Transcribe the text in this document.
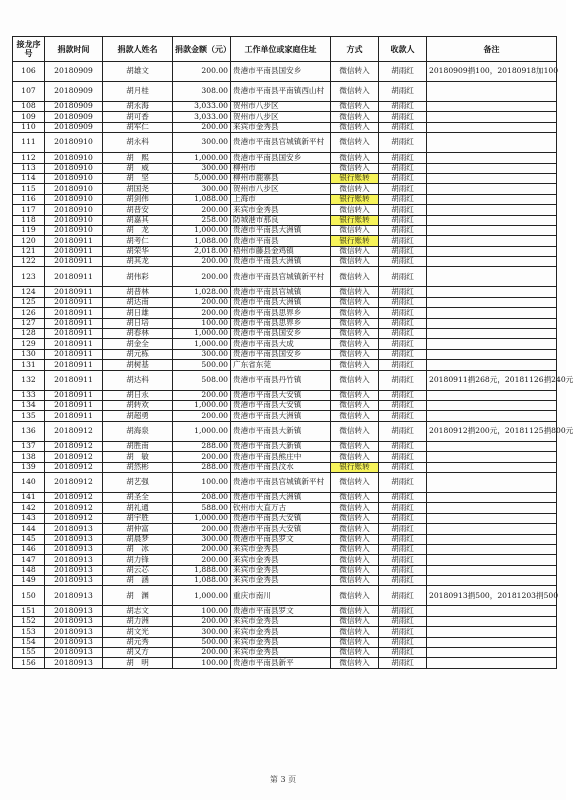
接龙序号	捐款时间	捐款人姓名	捐款金额（元）	工作单位或家庭住址	方式	收款人	备注
106	20180909	胡雄文	200.00	贵港市平南县国安乡	微信转入	胡雨红	20180909捐100，20180918加100
107	20180909	胡月桂	308.00	贵港市平南县平南镇西山村	微信转入	胡雨红	
108	20180909	胡永海	3,033.00	贺州市八步区	微信转入	胡雨红	
109	20180909	胡可香	3,033.00	贺州市八步区	微信转入	胡雨红	
110	20180909	胡军仁	200.00	来宾市金秀县	微信转入	胡雨红	
111	20180910	胡永科	300.00	贵港市平南县官城镇新平村	微信转入	胡雨红	
112	20180910	胡　熙	1,000.00	贵港市平南县国安乡	微信转入	胡雨红	
113	20180910	胡　威	300.00	柳州市	微信转入	胡雨红	
114	20180910	胡　坚	5,000.00	柳州市鹿寨县	银行账转	胡雨红	
115	20180910	胡国尧	300.00	贺州市八步区	微信转入	胡雨红	
116	20180910	胡剑伟	1,088.00	上海市	银行账转	胡雨红	
117	20180910	胡普安	200.00	来宾市金秀县	微信转入	胡雨红	
118	20180910	胡嘉其	258.00	防城港市那良	银行账转	胡雨红	
119	20180910	胡　龙	1,000.00	贵港市平南县大洲镇	微信转入	胡雨红	
120	20180911	胡考仁	1,088.00	贵港市平南县	银行账转	胡雨红	
121	20180911	胡荣华	2,018.00	梧州市藤县金鸡镇	微信转入	胡雨红	
122	20180911	胡其龙	200.00	贵港市平南县大洲镇	微信转入	胡雨红	
123	20180911	胡伟彩	200.00	贵港市平南县官城镇新平村	微信转入	胡雨红	
124	20180911	胡普林	1,028.00	贵港市平南县官城镇	微信转入	胡雨红	
125	20180911	胡达南	200.00	贵港市平南县大洲镇	微信转入	胡雨红	
126	20180911	胡日雄	200.00	贵港市平南县思界乡	微信转入	胡雨红	
127	20180911	胡日培	100.00	贵港市平南县思界乡	微信转入	胡雨红	
128	20180911	胡春林	1,000.00	贵港市平南县国安乡	微信转入	胡雨红	
129	20180911	胡金全	1,000.00	贵港市平南县大成	微信转入	胡雨红	
130	20180911	胡元栋	300.00	贵港市平南县国安乡	微信转入	胡雨红	
131	20180911	胡树基	500.00	广东省东莞	微信转入	胡雨红	
132	20180911	胡达科	508.00	贵港市平南县丹竹镇	微信转入	胡雨红	20180911捐268元，20181126捐240元
133	20180911	胡日永	200.00	贵港市平南县大安镇	微信转入	胡雨红	
134	20180911	胡转欢	1,000.00	贵港市平南县大安镇	微信转入	胡雨红	
135	20180911	胡超勇	200.00	贵港市平南县大洲镇	微信转入	胡雨红	
136	20180912	胡海泉	1,000.00	贵港市平南县大新镇	微信转入	胡雨红	20180912捐200元，20181125捐800元
137	20180912	胡胜南	288.00	贵港市平南县大新镇	微信转入	胡雨红	
138	20180912	胡　敏	200.00	贵港市平南县熊庄中	微信转入	胡雨红	
139	20180912	胡然彬	288.00	贵港市平南县汶水	银行账转	胡雨红	
140	20180912	胡艺强	100.00	贵港市平南县官城镇新平村	微信转入	胡雨红	
141	20180912	胡圣全	208.00	贵港市平南县大洲镇	微信转入	胡雨红	
142	20180912	胡礼通	588.00	钦州市大直万古	微信转入	胡雨红	
143	20180912	胡宇胜	1,000.00	贵港市平南县大安镇	微信转入	胡雨红	
144	20180913	胡仲富	200.00	贵港市平南县大安镇	微信转入	胡雨红	
145	20180913	胡晨梦	300.00	贵港市平南县罗文	微信转入	胡雨红	
146	20180913	胡　冰	200.00	来宾市金秀县	微信转入	胡雨红	
147	20180913	胡力锋	200.00	来宾市金秀县	微信转入	胡雨红	
148	20180913	胡云芯	1,888.00	来宾市金秀县	微信转入	胡雨红	
149	20180913	胡　涵	1,088.00	来宾市金秀县	微信转入	胡雨红	
150	20180913	胡　渊	1,000.00	重庆市南川	微信转入	胡雨红	20180913捐500，20181203捐500
151	20180913	胡志文	100.00	贵港市平南县罗文	微信转入	胡雨红	
152	20180913	胡力洲	200.00	来宾市金秀县	微信转入	胡雨红	
153	20180913	胡文光	300.00	来宾市金秀县	微信转入	胡雨红	
154	20180913	胡元秀	500.00	来宾市金秀县	微信转入	胡雨红	
155	20180913	胡又方	200.00	来宾市金秀县	微信转入	胡雨红	
156	20180913	胡　明	100.00	贵港市平南县新平	微信转入	胡雨红	
第 3 页
